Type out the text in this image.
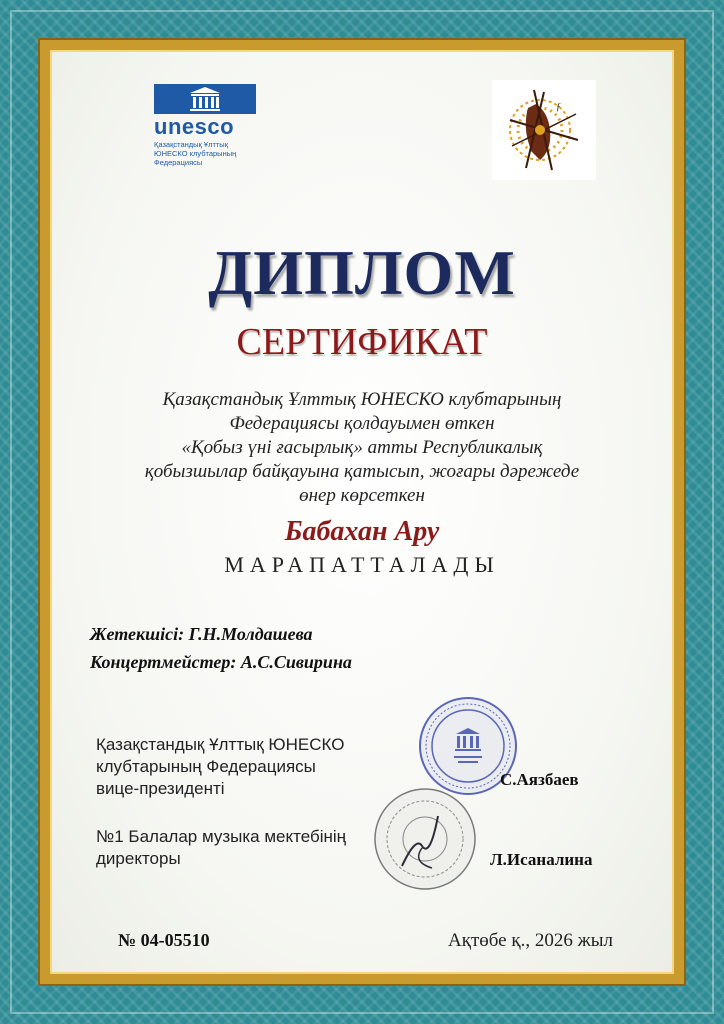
unesco
Қазақстандық Ұлттық
ЮНЕСКО клубтарының
Федерациясы
ƒ
ДИПЛОМ
СЕРТИФИКАТ
Қазақстандық Ұлттық ЮНЕСКО клубтарының
Федерациясы қолдауымен өткен
«Қобыз үні ғасырлық» атты Республикалық
қобызшылар байқауына қатысып, жоғары дәрежеде
өнер көрсеткен
Бабахан Ару
МАРАПАТТАЛАДЫ
Жетекшісі: Г.Н.Молдашева
Концертмейстер: А.С.Сивирина
Қазақстандық Ұлттық ЮНЕСКО
клубтарының Федерациясы
вице-президенті	С.Аязбаев
№1 Балалар музыка мектебінің
директоры	Л.Исаналина
№ 04-05510	Ақтөбе қ., 2026 жыл
